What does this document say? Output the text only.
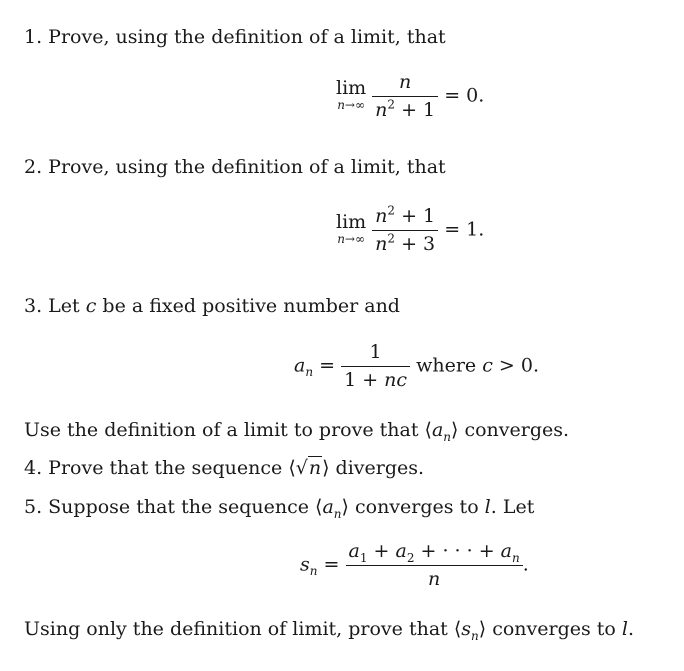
1. Prove, using the definition of a limit, that
lim
$n\to\infty \frac{n}{n^2 + 1} = 0$.
2. Prove, using the definition of a limit, that
lim
$n\to\infty \frac{n^2 + 1}{n^2 + 3} = 1$.
3. Let c be a fixed positive number and
$a_n = \frac{1}{1 + nc}$ where c > 0.
Use the definition of a limit to prove that $⟨a_n⟩$ converges.
4. Prove that the sequence ⟨√n⟩ diverges.
5. Suppose that the sequence $⟨a_n⟩$ converges to l. Let
$s_n = \frac{a_1 + a_2 + \cdot \cdot \cdot + a_n}{n}$ .
Using only the definition of limit, prove that $⟨s_n⟩$ converges to l.
